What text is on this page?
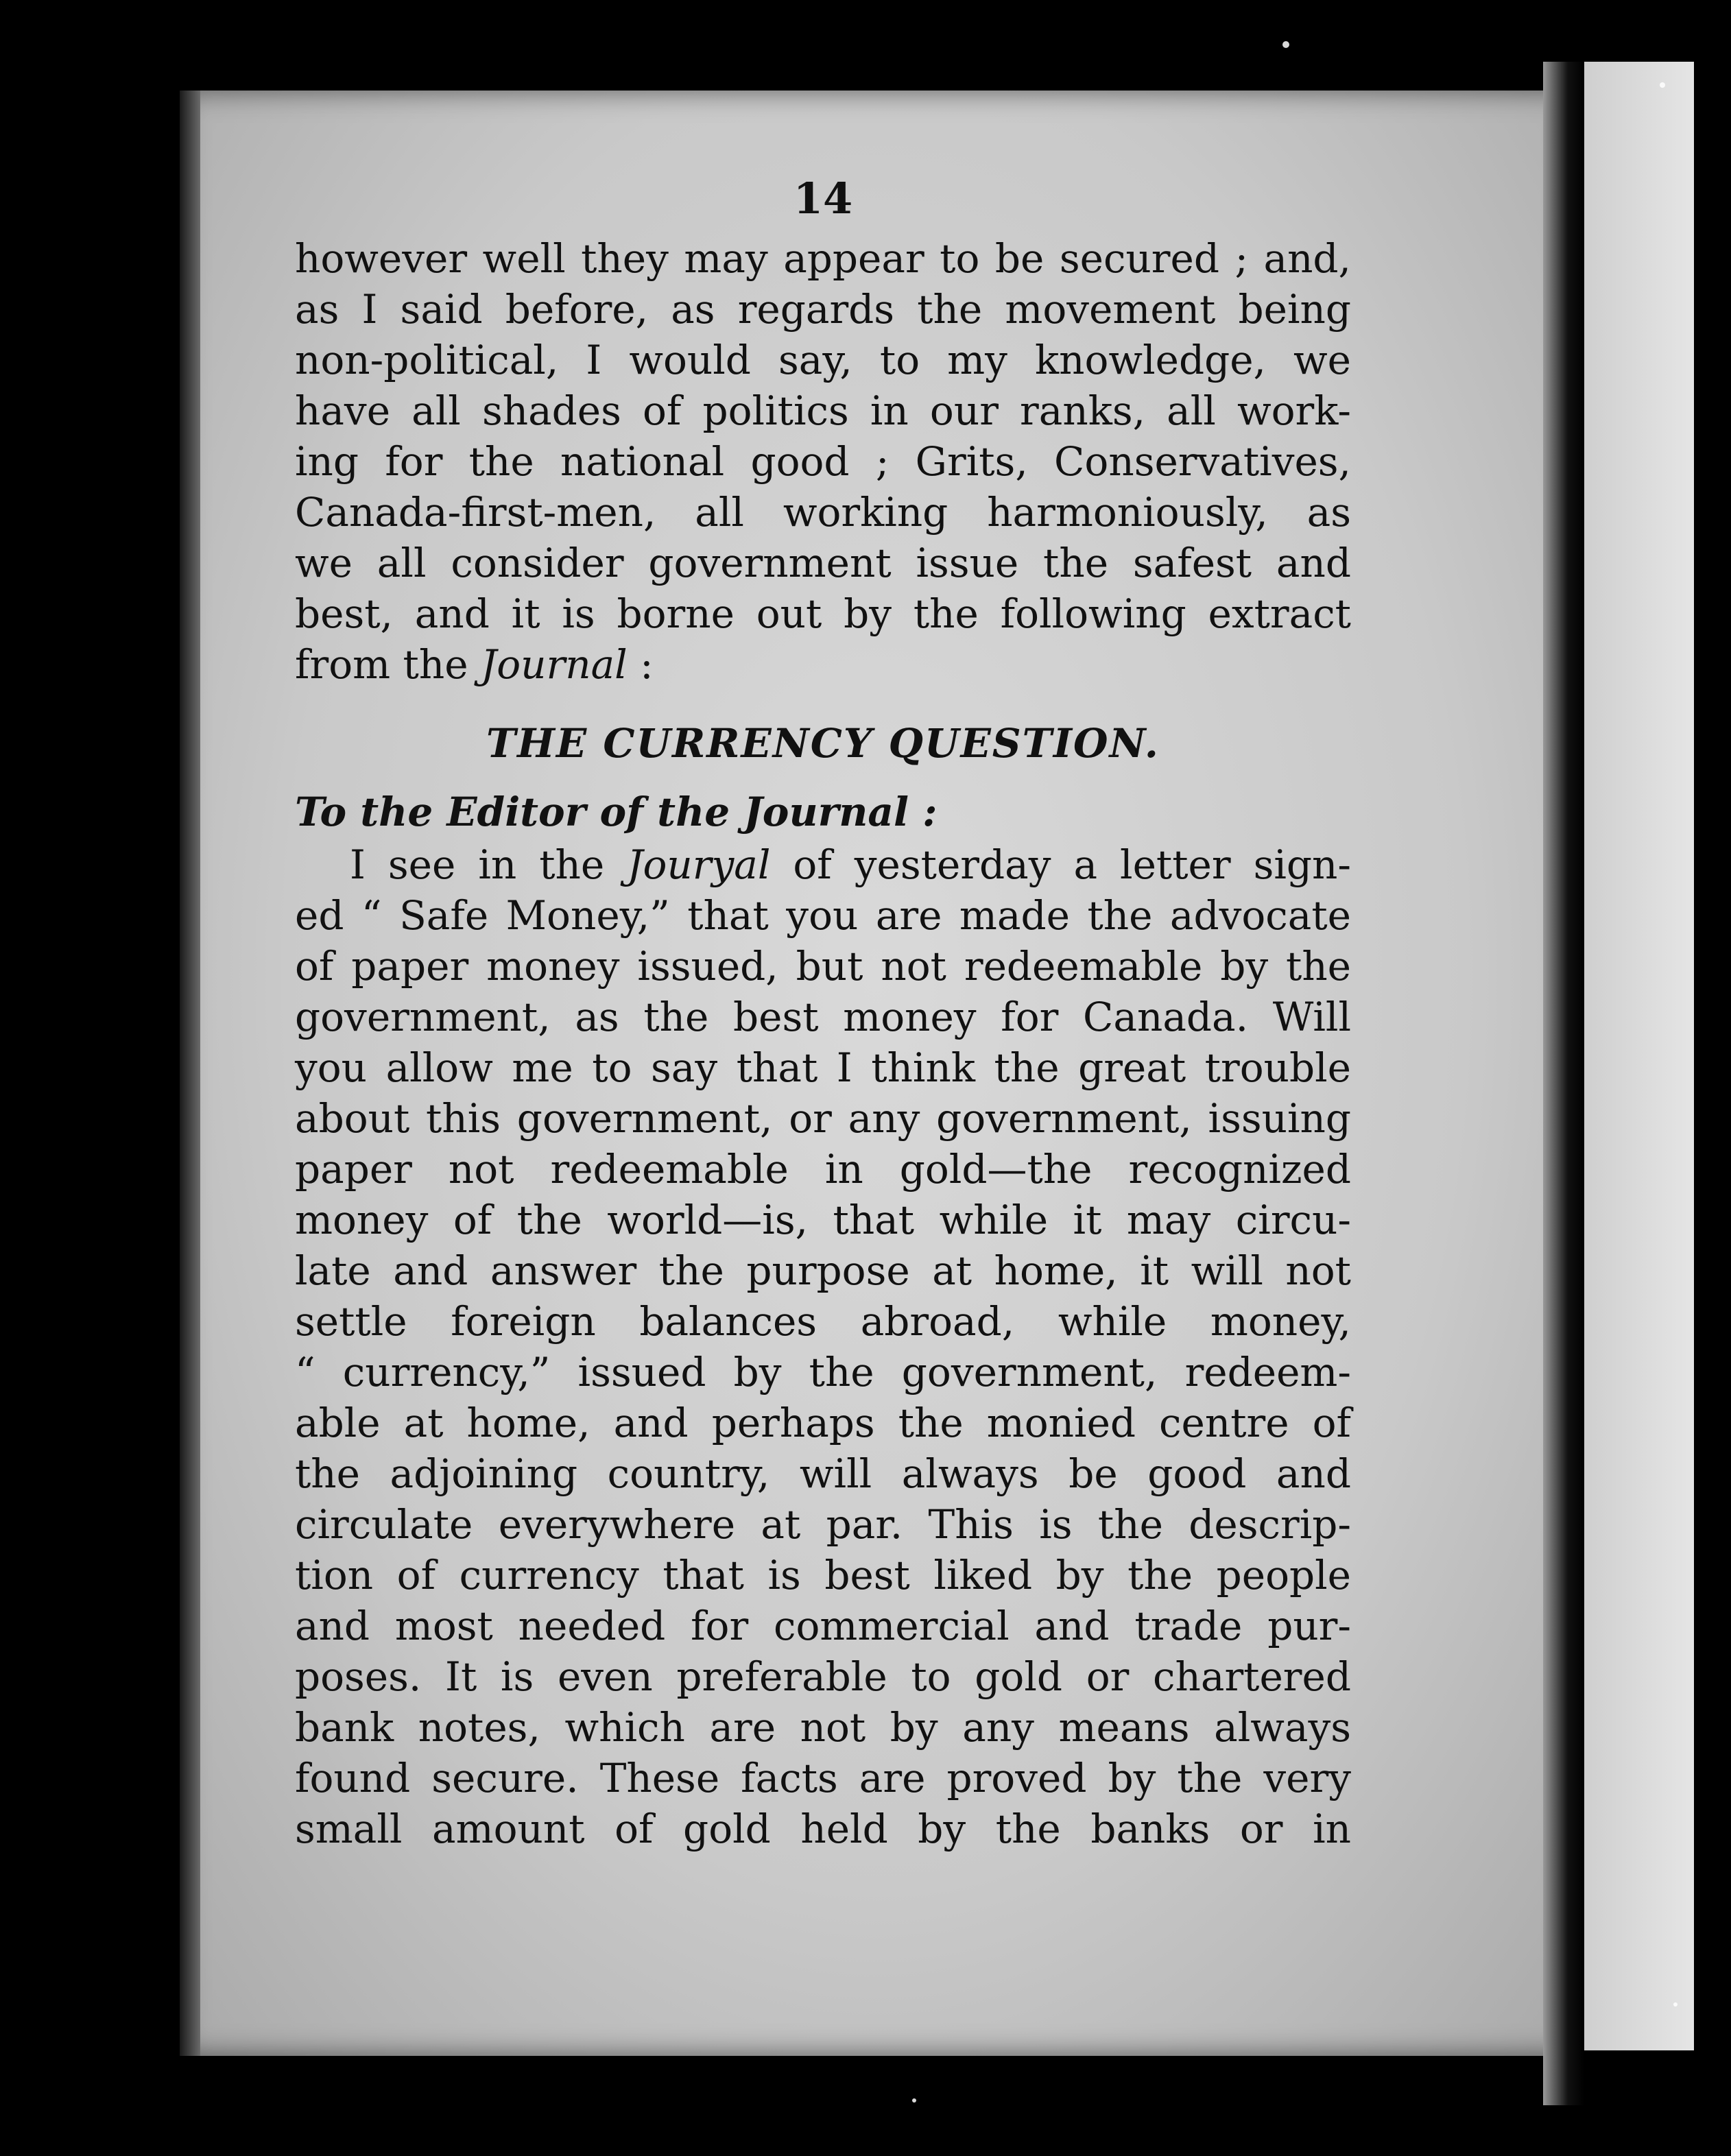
14
however well they may appear to be secured ; and,
as I said before, as regards the movement being
non-political, I would say, to my knowledge, we
have all shades of politics in our ranks, all work-
ing for the national good ; Grits, Conservatives,
Canada-first-men, all working harmoniously, as
we all consider government issue the safest and
best, and it is borne out by the following extract
from the Journal :
THE CURRENCY QUESTION.
To the Editor of the Journal :
I see in the Jouryal of yesterday a letter sign-
ed “ Safe Money,” that you are made the advocate
of paper money issued, but not redeemable by the
government, as the best money for Canada. Will
you allow me to say that I think the great trouble
about this government, or any government, issuing
paper not redeemable in gold—the recognized
money of the world—is, that while it may circu-
late and answer the purpose at home, it will not
settle foreign balances abroad, while money,
“ currency,” issued by the government, redeem-
able at home, and perhaps the monied centre of
the adjoining country, will always be good and
circulate everywhere at par. This is the descrip-
tion of currency that is best liked by the people
and most needed for commercial and trade pur-
poses. It is even preferable to gold or chartered
bank notes, which are not by any means always
found secure. These facts are proved by the very
small amount of gold held by the banks or in
